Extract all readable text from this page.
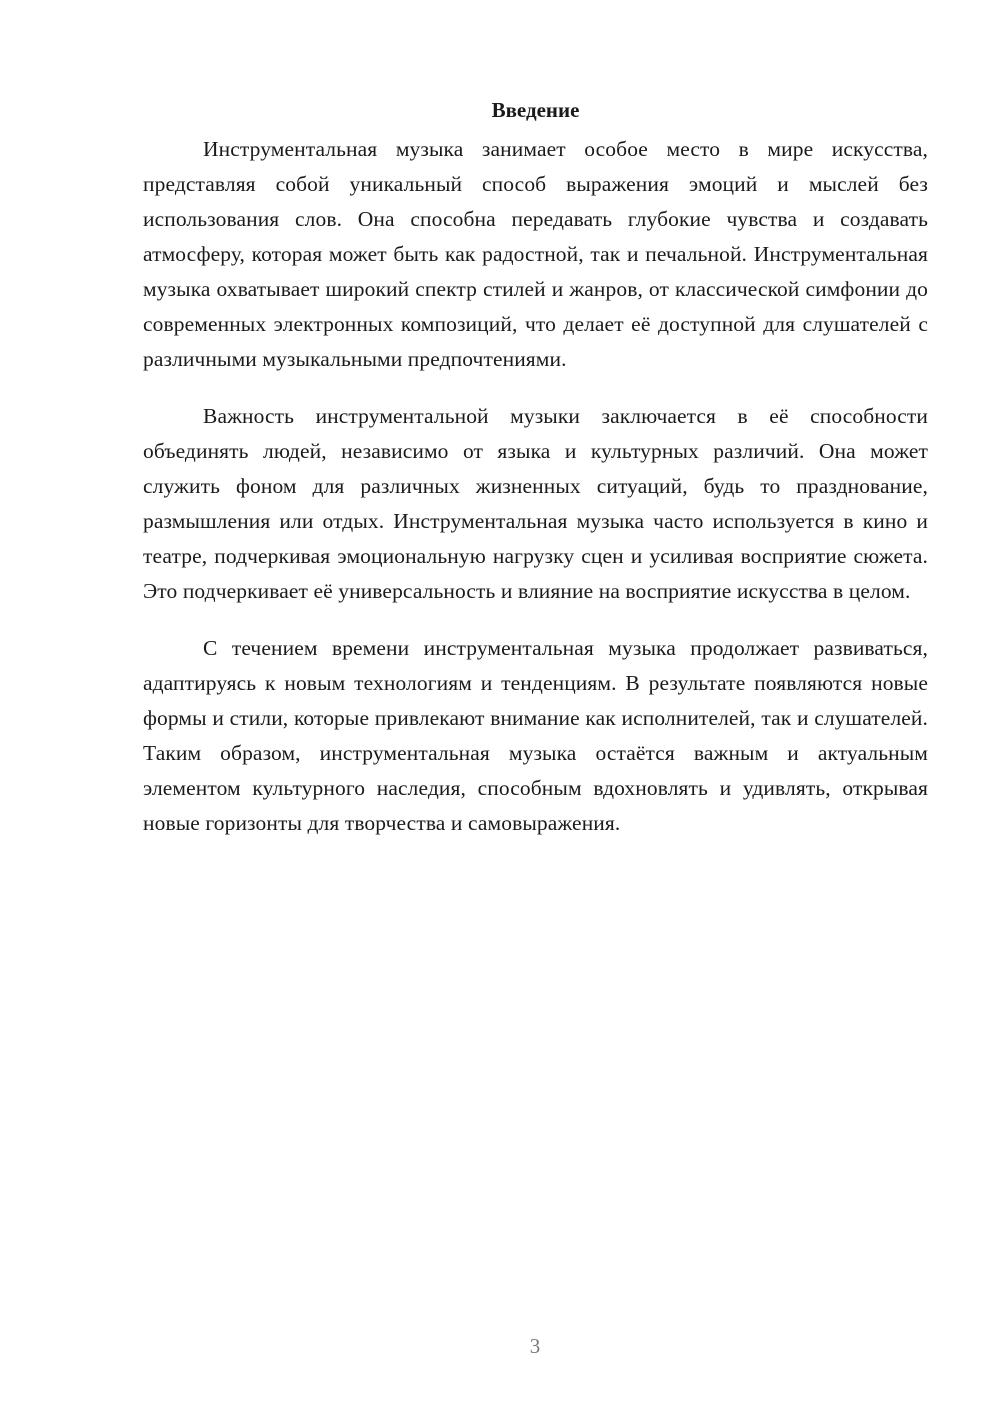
Введение

Инструментальная музыка занимает особое место в мире искусства, представляя собой уникальный способ выражения эмоций и мыслей без использования слов. Она способна передавать глубокие чувства и создавать атмосферу, которая может быть как радостной, так и печальной. Инструментальная музыка охватывает широкий спектр стилей и жанров, от классической симфонии до современных электронных композиций, что делает её доступной для слушателей с различными музыкальными предпочтениями.

Важность инструментальной музыки заключается в её способности объединять людей, независимо от языка и культурных различий. Она может служить фоном для различных жизненных ситуаций, будь то празднование, размышления или отдых. Инструментальная музыка часто используется в кино и театре, подчеркивая эмоциональную нагрузку сцен и усиливая восприятие сюжета. Это подчеркивает её универсальность и влияние на восприятие искусства в целом.

С течением времени инструментальная музыка продолжает развиваться, адаптируясь к новым технологиям и тенденциям. В результате появляются новые формы и стили, которые привлекают внимание как исполнителей, так и слушателей. Таким образом, инструментальная музыка остаётся важным и актуальным элементом культурного наследия, способным вдохновлять и удивлять, открывая новые горизонты для творчества и самовыражения.

3
